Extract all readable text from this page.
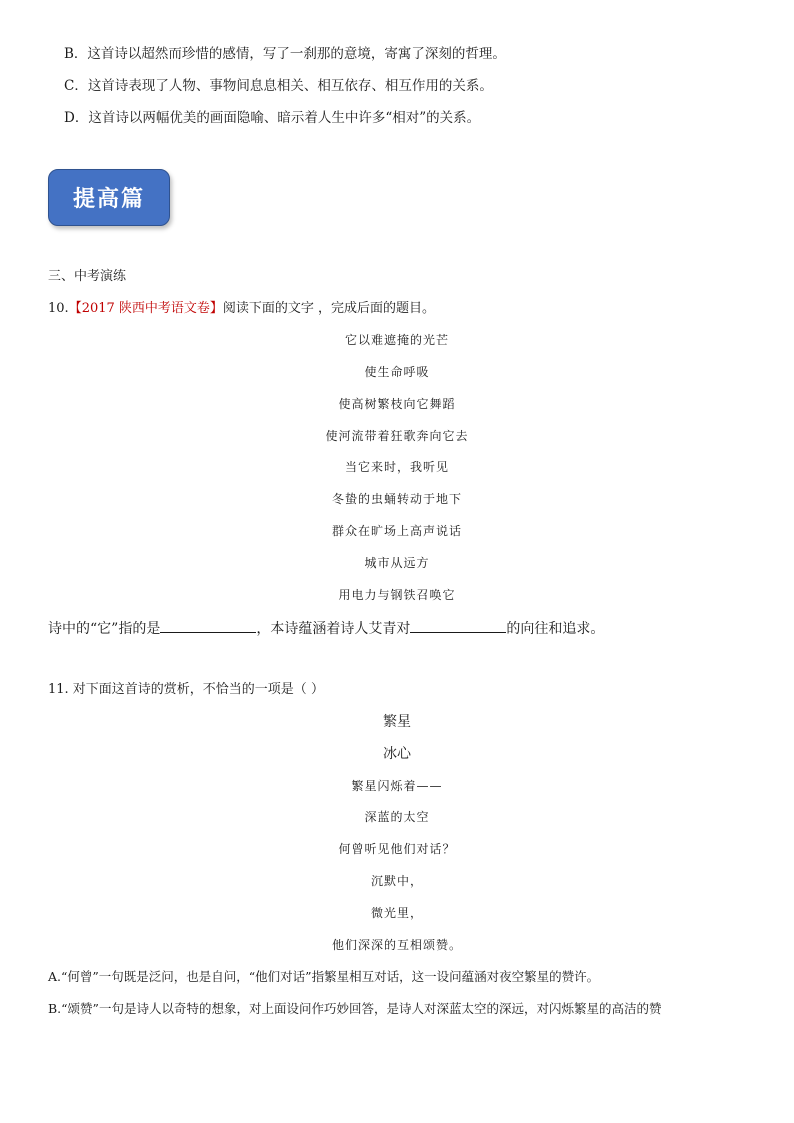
B．这首诗以超然而珍惜的感情，写了一刹那的意境，寄寓了深刻的哲理。
C．这首诗表现了人物、事物间息息相关、相互依存、相互作用的关系。
D．这首诗以两幅优美的画面隐喻、暗示着人生中许多“相对”的关系。
提高篇
三、中考演练
10.【2017 陕西中考语文卷】阅读下面的文字 ，完成后面的题目。
它以难遮掩的光芒
使生命呼吸
使高树繁枝向它舞蹈
使河流带着狂歌奔向它去
当它来时，我听见
冬蛰的虫蛹转动于地下
群众在旷场上高声说话
城市从远方
用电力与钢铁召唤它
诗中的“它”指的是	，本诗蕴涵着诗人艾青对	的向往和追求。
11. 对下面这首诗的赏析，不恰当的一项是（ ）
繁星
冰心
繁星闪烁着——
深蓝的太空
何曾听见他们对话？
沉默中，
微光里，
他们深深的互相颂赞。
A.“何曾”一句既是泛问，也是自问，“他们对话”指繁星相互对话，这一设问蕴涵对夜空繁星的赞许。
B.“颂赞”一句是诗人以奇特的想象，对上面设问作巧妙回答，是诗人对深蓝太空的深远，对闪烁繁星的高洁的赞
